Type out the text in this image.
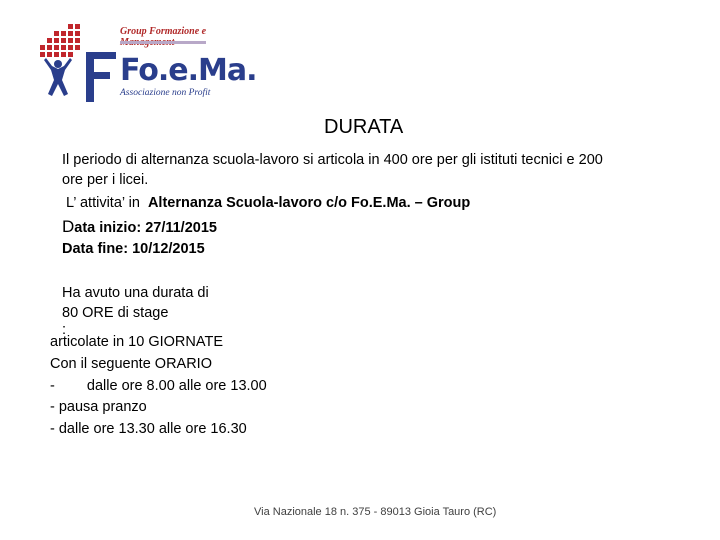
Group Formazione e
Fo.e.Ma.
Associazione non Profit
DURATA
Il periodo di alternanza scuola-lavoro si articola in 400 ore per gli istituti tecnici e 200
ore per i licei.
L’ attivita’ in Alternanza Scuola-lavoro c/o Fo.E.Ma. – Group
Data inizio: 27/11/2015
Data fine: 10/12/2015
Ha avuto una durata di
80 ORE di stage
:
articolate in 10 GIORNATE
Con il seguente ORARIO
- dalle ore 8.00 alle ore 13.00
- pausa pranzo
- dalle ore 13.30 alle ore 16.30
Via Nazionale 18 n. 375 - 89013 Gioia Tauro (RC)
